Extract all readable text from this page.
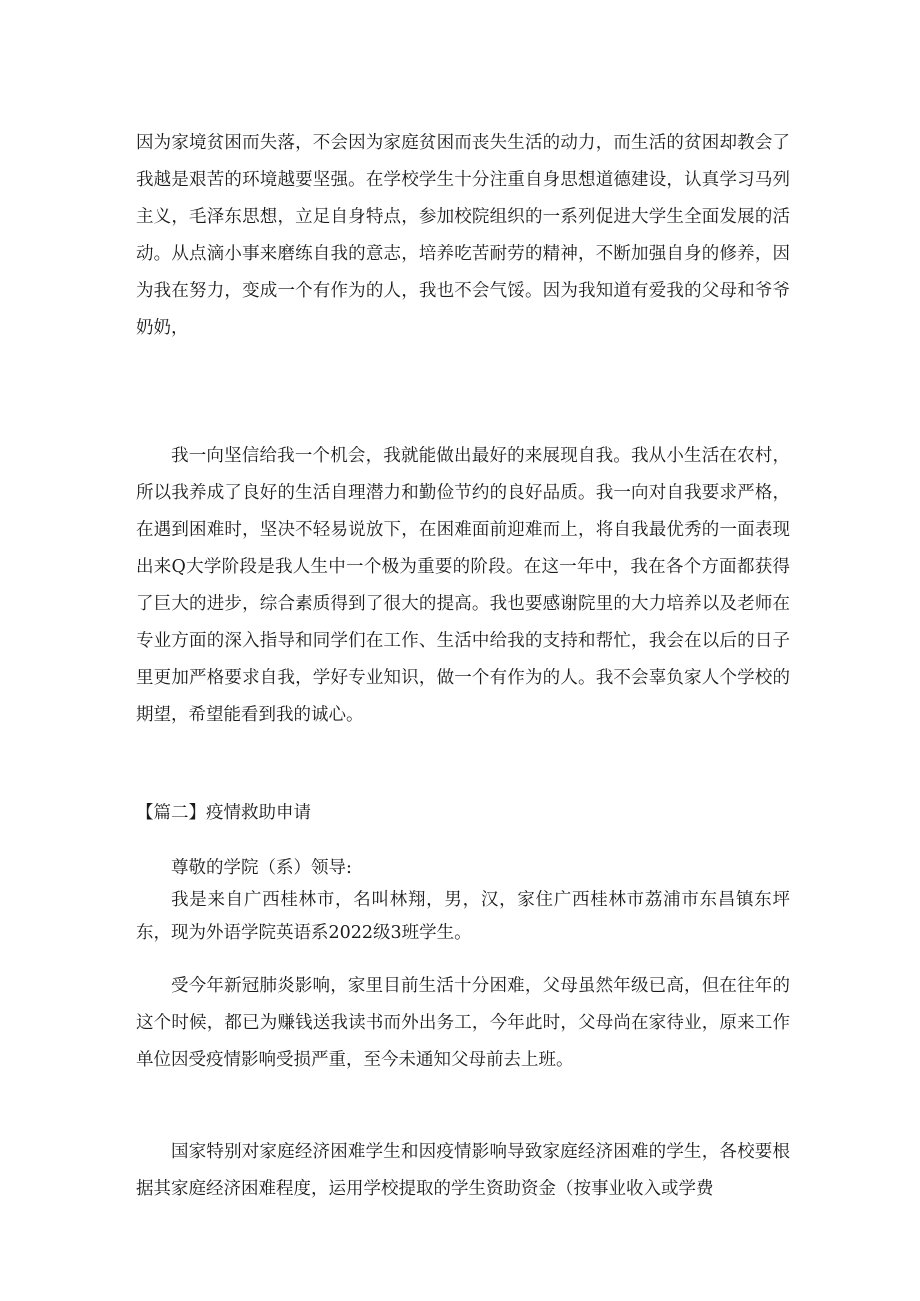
因为家境贫困而失落，不会因为家庭贫困而丧失生活的动力，而生活的贫困却教会了我越是艰苦的环境越要坚强。在学校学生十分注重自身思想道德建设，认真学习马列主义，毛泽东思想，立足自身特点，参加校院组织的一系列促进大学生全面发展的活动。从点滴小事来磨练自我的意志，培养吃苦耐劳的精神，不断加强自身的修养，因为我在努力，变成一个有作为的人，我也不会气馁。因为我知道有爱我的父母和爷爷奶奶，

我一向坚信给我一个机会，我就能做出最好的来展现自我。我从小生活在农村，所以我养成了良好的生活自理潜力和勤俭节约的良好品质。我一向对自我要求严格，在遇到困难时，坚决不轻易说放下，在困难面前迎难而上，将自我最优秀的一面表现出来Q大学阶段是我人生中一个极为重要的阶段。在这一年中，我在各个方面都获得了巨大的进步，综合素质得到了很大的提高。我也要感谢院里的大力培养以及老师在专业方面的深入指导和同学们在工作、生活中给我的支持和帮忙，我会在以后的日子里更加严格要求自我，学好专业知识，做一个有作为的人。我不会辜负家人个学校的期望，希望能看到我的诚心。

【篇二】疫情救助申请

尊敬的学院（系）领导:

我是来自广西桂林市，名叫林翔，男，汉，家住广西桂林市荔浦市东昌镇东坪东，现为外语学院英语系2022级3班学生。

受今年新冠肺炎影响，家里目前生活十分困难，父母虽然年级已高，但在往年的这个时候，都已为赚钱送我读书而外出务工，今年此时，父母尚在家待业，原来工作单位因受疫情影响受损严重，至今未通知父母前去上班。

国家特别对家庭经济困难学生和因疫情影响导致家庭经济困难的学生，各校要根据其家庭经济困难程度，运用学校提取的学生资助资金（按事业收入或学费
